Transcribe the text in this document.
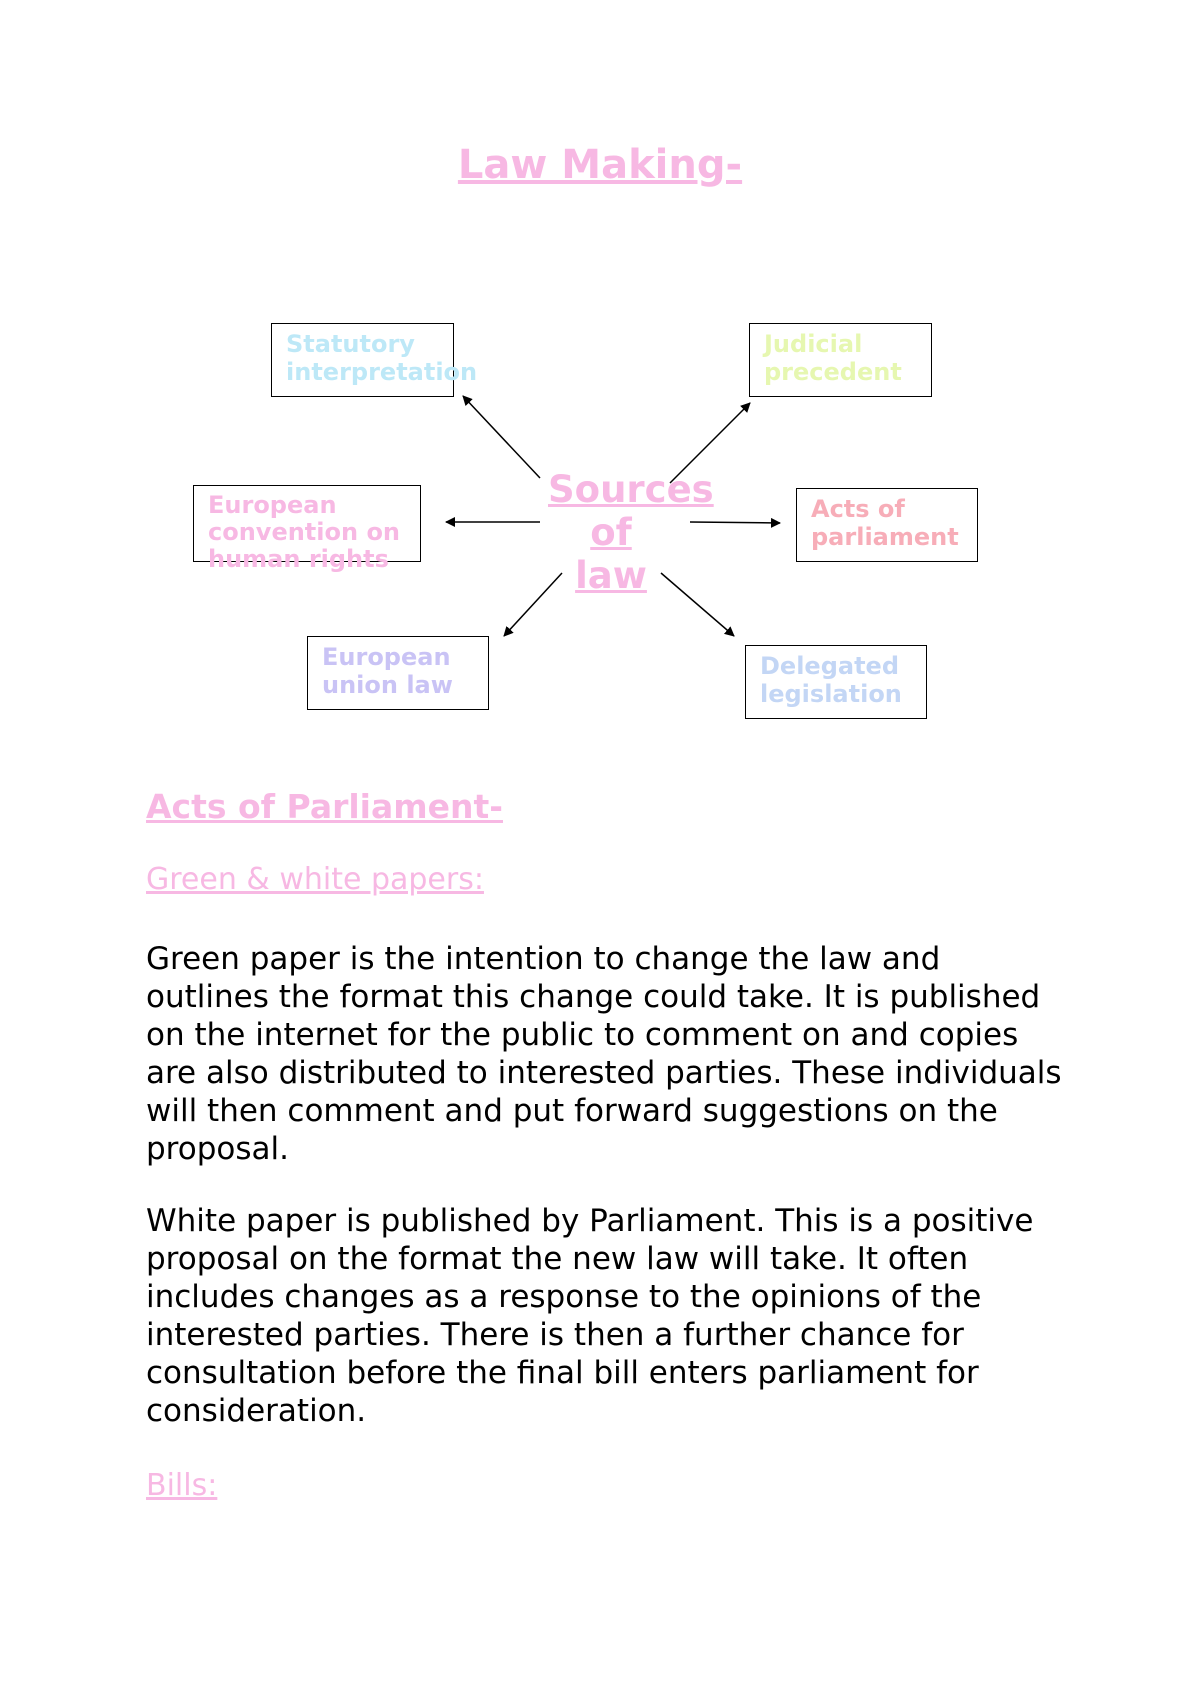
Law Making-
Sources of law
Statutory interpretation
Judicial precedent
European convention on human rights
Acts of parliament
European union law
Delegated legislation
Acts of Parliament-
Green & white papers:

Green paper is the intention to change the law and outlines the format this change could take. It is published on the internet for the public to comment on and copies are also distributed to interested parties. These individuals will then comment and put forward suggestions on the proposal.

White paper is published by Parliament. This is a positive proposal on the format the new law will take. It often includes changes as a response to the opinions of the interested parties. There is then a further chance for consultation before the final bill enters parliament for consideration.

Bills:
